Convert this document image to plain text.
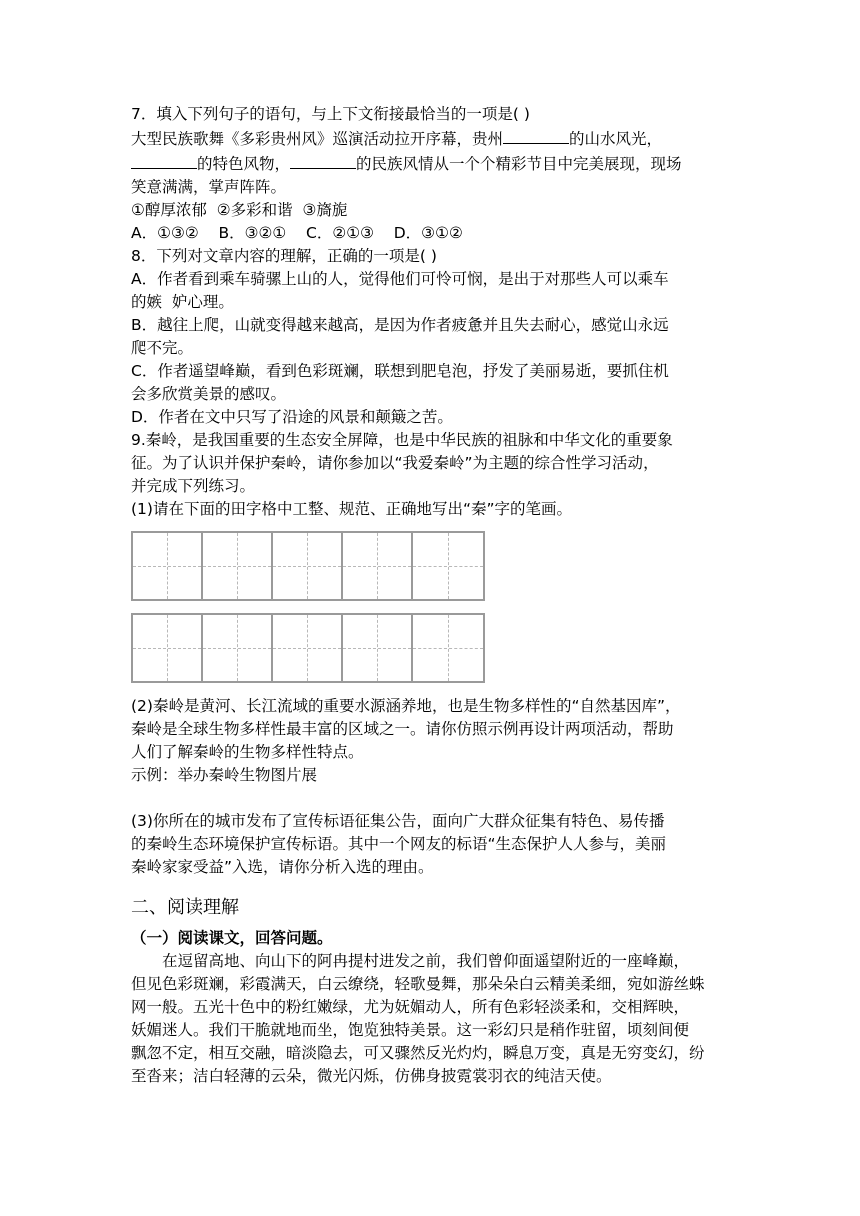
7．填入下列句子的语句，与上下文衔接最恰当的一项是( )
大型民族歌舞《多彩贵州风》巡演活动拉开序幕，贵州	的山水风光，
的特色风物，	的民族风情从一个个精彩节目中完美展现，现场
笑意满满，掌声阵阵。
①醇厚浓郁  ②多彩和谐  ③旖旎
A．①③②    B．③②①    C．②①③    D．③①②
8．下列对文章内容的理解，正确的一项是( )
A．作者看到乘车骑骡上山的人，觉得他们可怜可悯，是出于对那些人可以乘车
的嫉  妒心理。
B．越往上爬，山就变得越来越高，是因为作者疲惫并且失去耐心，感觉山永远
爬不完。
C．作者遥望峰巅，看到色彩斑斓，联想到肥皂泡，抒发了美丽易逝，要抓住机
会多欣赏美景的感叹。
D．作者在文中只写了沿途的风景和颠簸之苦。
9.秦岭，是我国重要的生态安全屏障，也是中华民族的祖脉和中华文化的重要象
征。为了认识并保护秦岭，请你参加以“我爱秦岭”为主题的综合性学习活动，
并完成下列练习。
(1)请在下面的田字格中工整、规范、正确地写出“秦”字的笔画。
(2)秦岭是黄河、长江流域的重要水源涵养地，也是生物多样性的“自然基因库”，
秦岭是全球生物多样性最丰富的区域之一。请你仿照示例再设计两项活动，帮助
人们了解秦岭的生物多样性特点。
示例：举办秦岭生物图片展
(3)你所在的城市发布了宣传标语征集公告，面向广大群众征集有特色、易传播
的秦岭生态环境保护宣传标语。其中一个网友的标语“生态保护人人参与，美丽
秦岭家家受益”入选，请你分析入选的理由。
二、阅读理解
（一）阅读课文，回答问题。
在逗留高地、向山下的阿冉提村进发之前，我们曾仰面遥望附近的一座峰巅，
但见色彩斑斓，彩霞满天，白云缭绕，轻歌曼舞，那朵朵白云精美柔细，宛如游丝蛛
网一般。五光十色中的粉红嫩绿，尤为妩媚动人，所有色彩轻淡柔和，交相辉映，
妖媚迷人。我们干脆就地而坐，饱览独特美景。这一彩幻只是稍作驻留，顷刻间便
飘忽不定，相互交融，暗淡隐去，可又骤然反光灼灼，瞬息万变，真是无穷变幻，纷
至沓来；洁白轻薄的云朵，微光闪烁，仿佛身披霓裳羽衣的纯洁天使。
